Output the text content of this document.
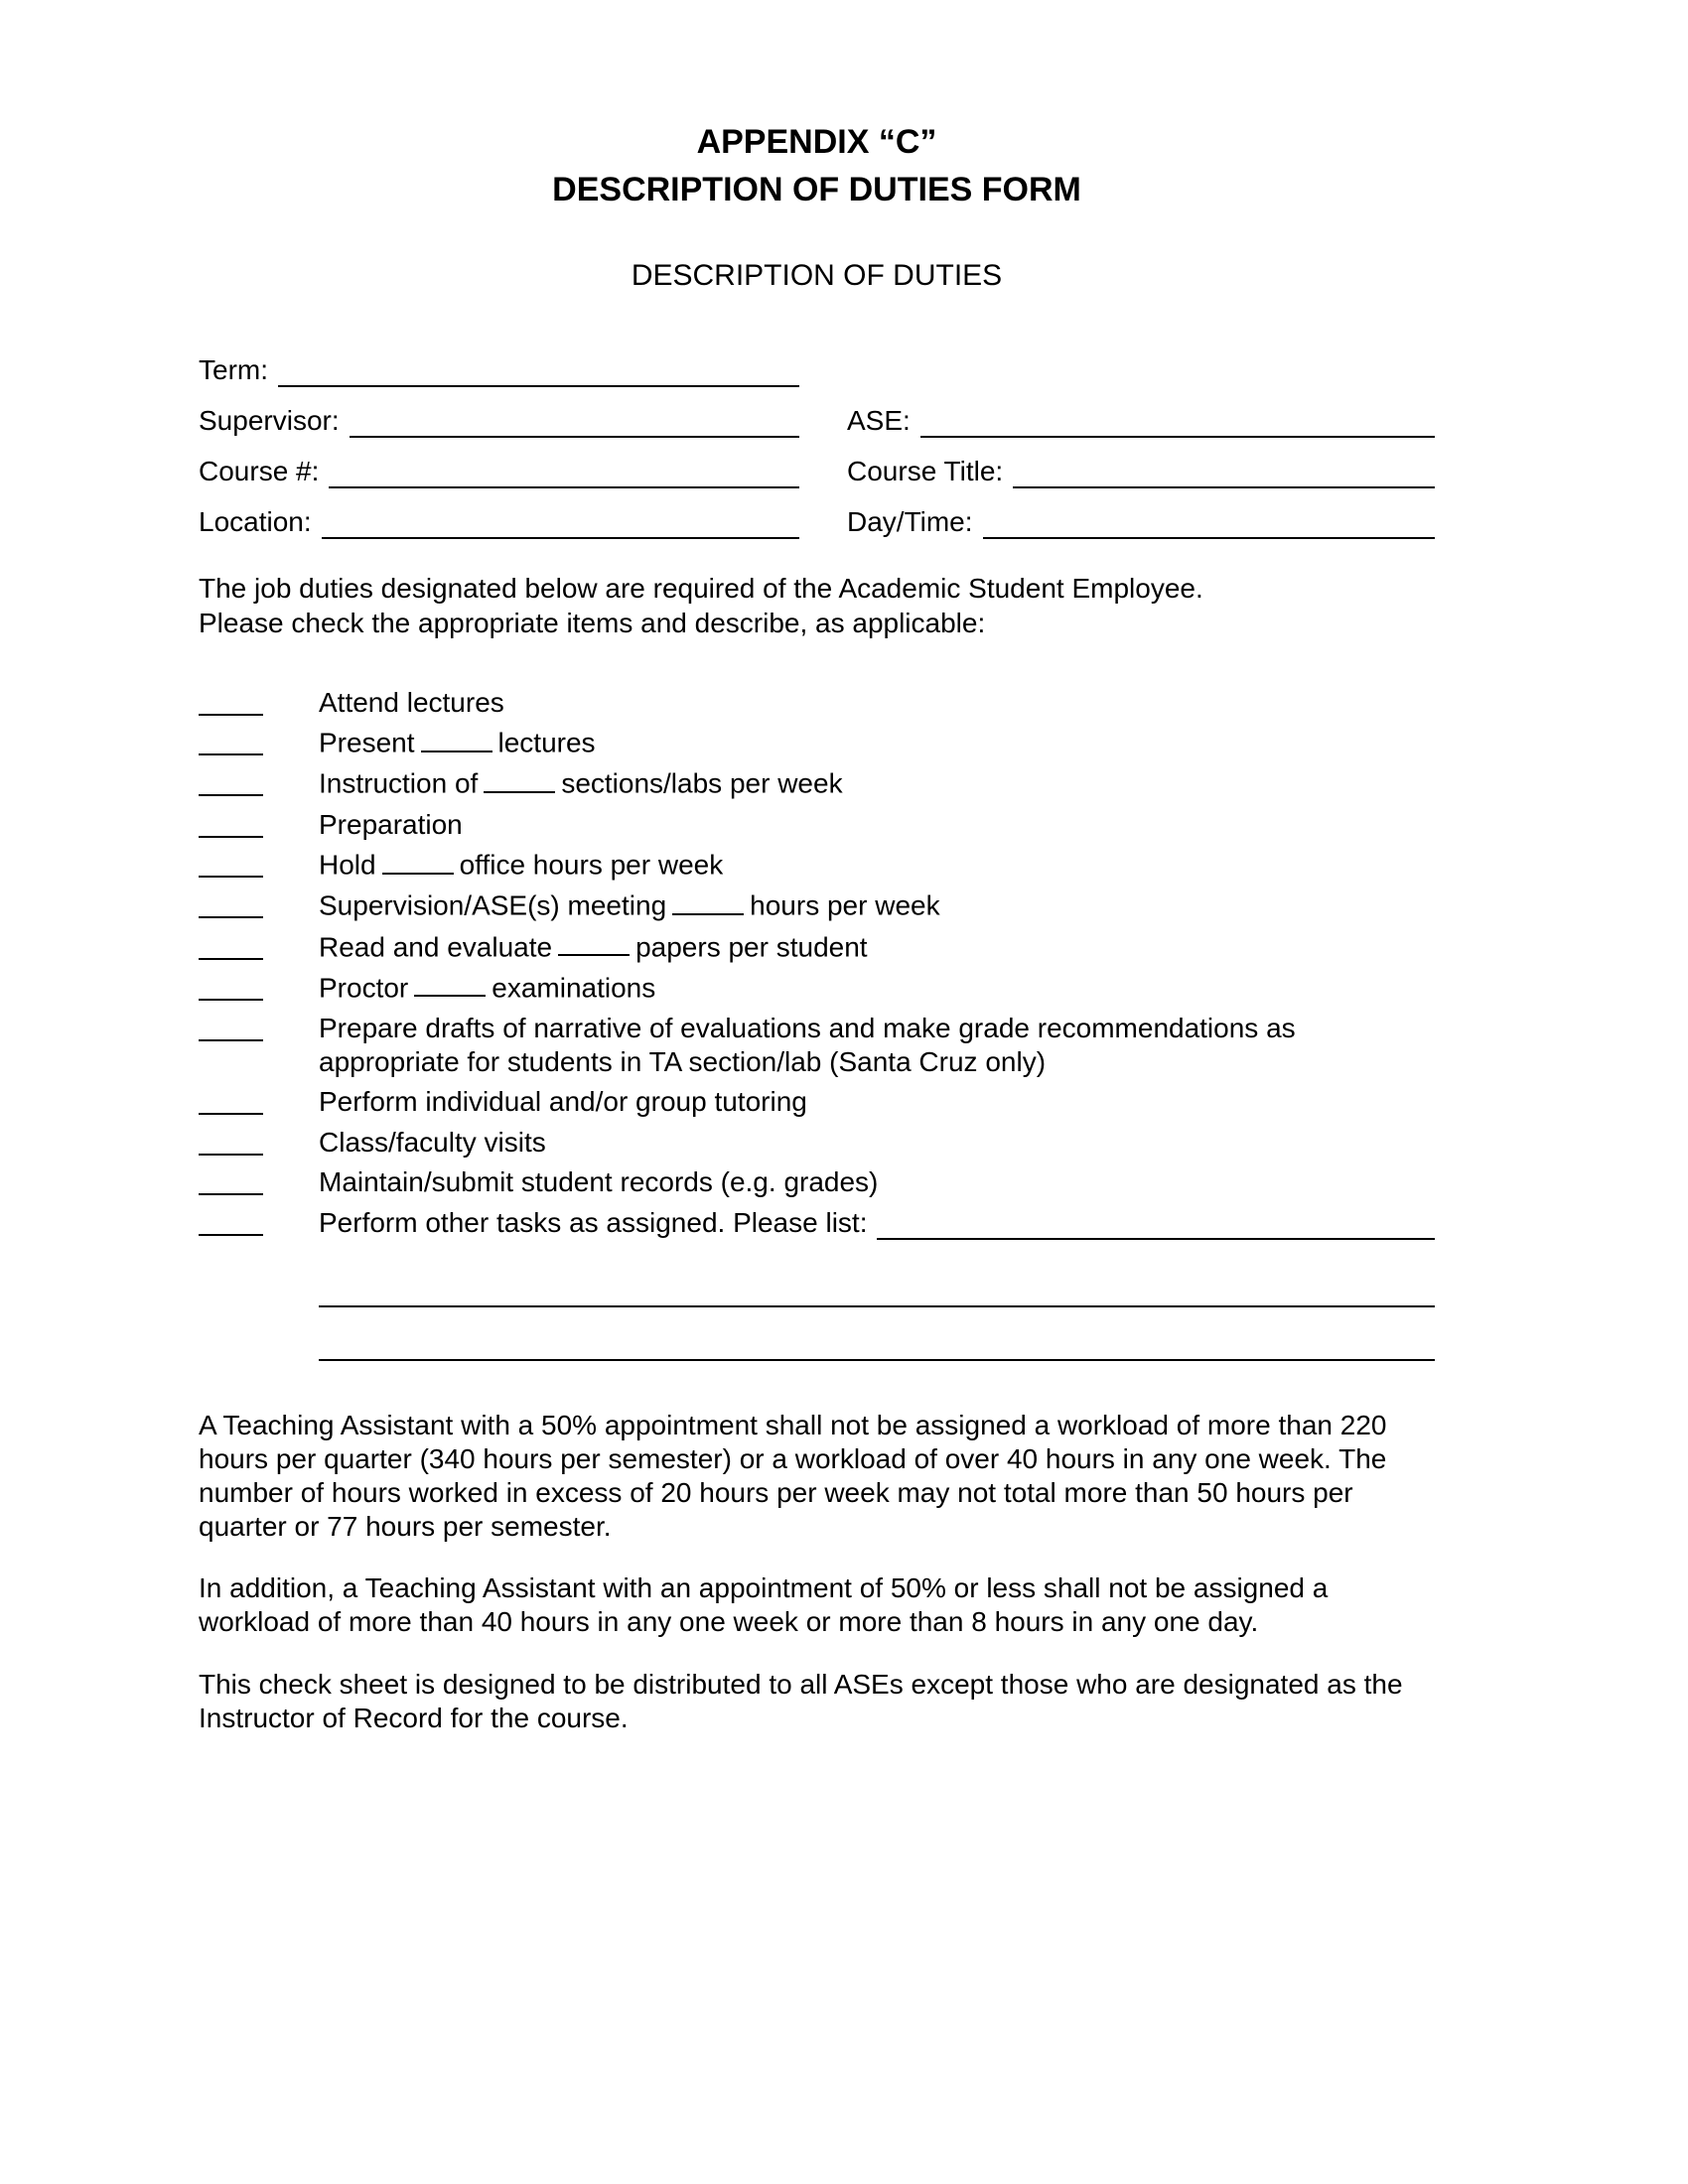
APPENDIX “C”
DESCRIPTION OF DUTIES FORM
DESCRIPTION OF DUTIES
Term:
Supervisor:	ASE:
Course #:	Course Title:
Location:	Day/Time:
The job duties designated below are required of the Academic Student Employee.
Please check the appropriate items and describe, as applicable:
Attend lectures
Present	lectures
Instruction of	sections/labs per week
Preparation
Hold	office hours per week
Supervision/ASE(s) meeting	hours per week
Read and evaluate	papers per student
Proctor	examinations
Prepare drafts of narrative of evaluations and make grade recommendations as appropriate for students in TA section/lab (Santa Cruz only)
Perform individual and/or group tutoring
Class/faculty visits
Maintain/submit student records (e.g. grades)
Perform other tasks as assigned. Please list:
A Teaching Assistant with a 50% appointment shall not be assigned a workload of more than 220 hours per quarter (340 hours per semester) or a workload of over 40 hours in any one week. The number of hours worked in excess of 20 hours per week may not total more than 50 hours per quarter or 77 hours per semester.
In addition, a Teaching Assistant with an appointment of 50% or less shall not be assigned a workload of more than 40 hours in any one week or more than 8 hours in any one day.
This check sheet is designed to be distributed to all ASEs except those who are designated as the Instructor of Record for the course.
